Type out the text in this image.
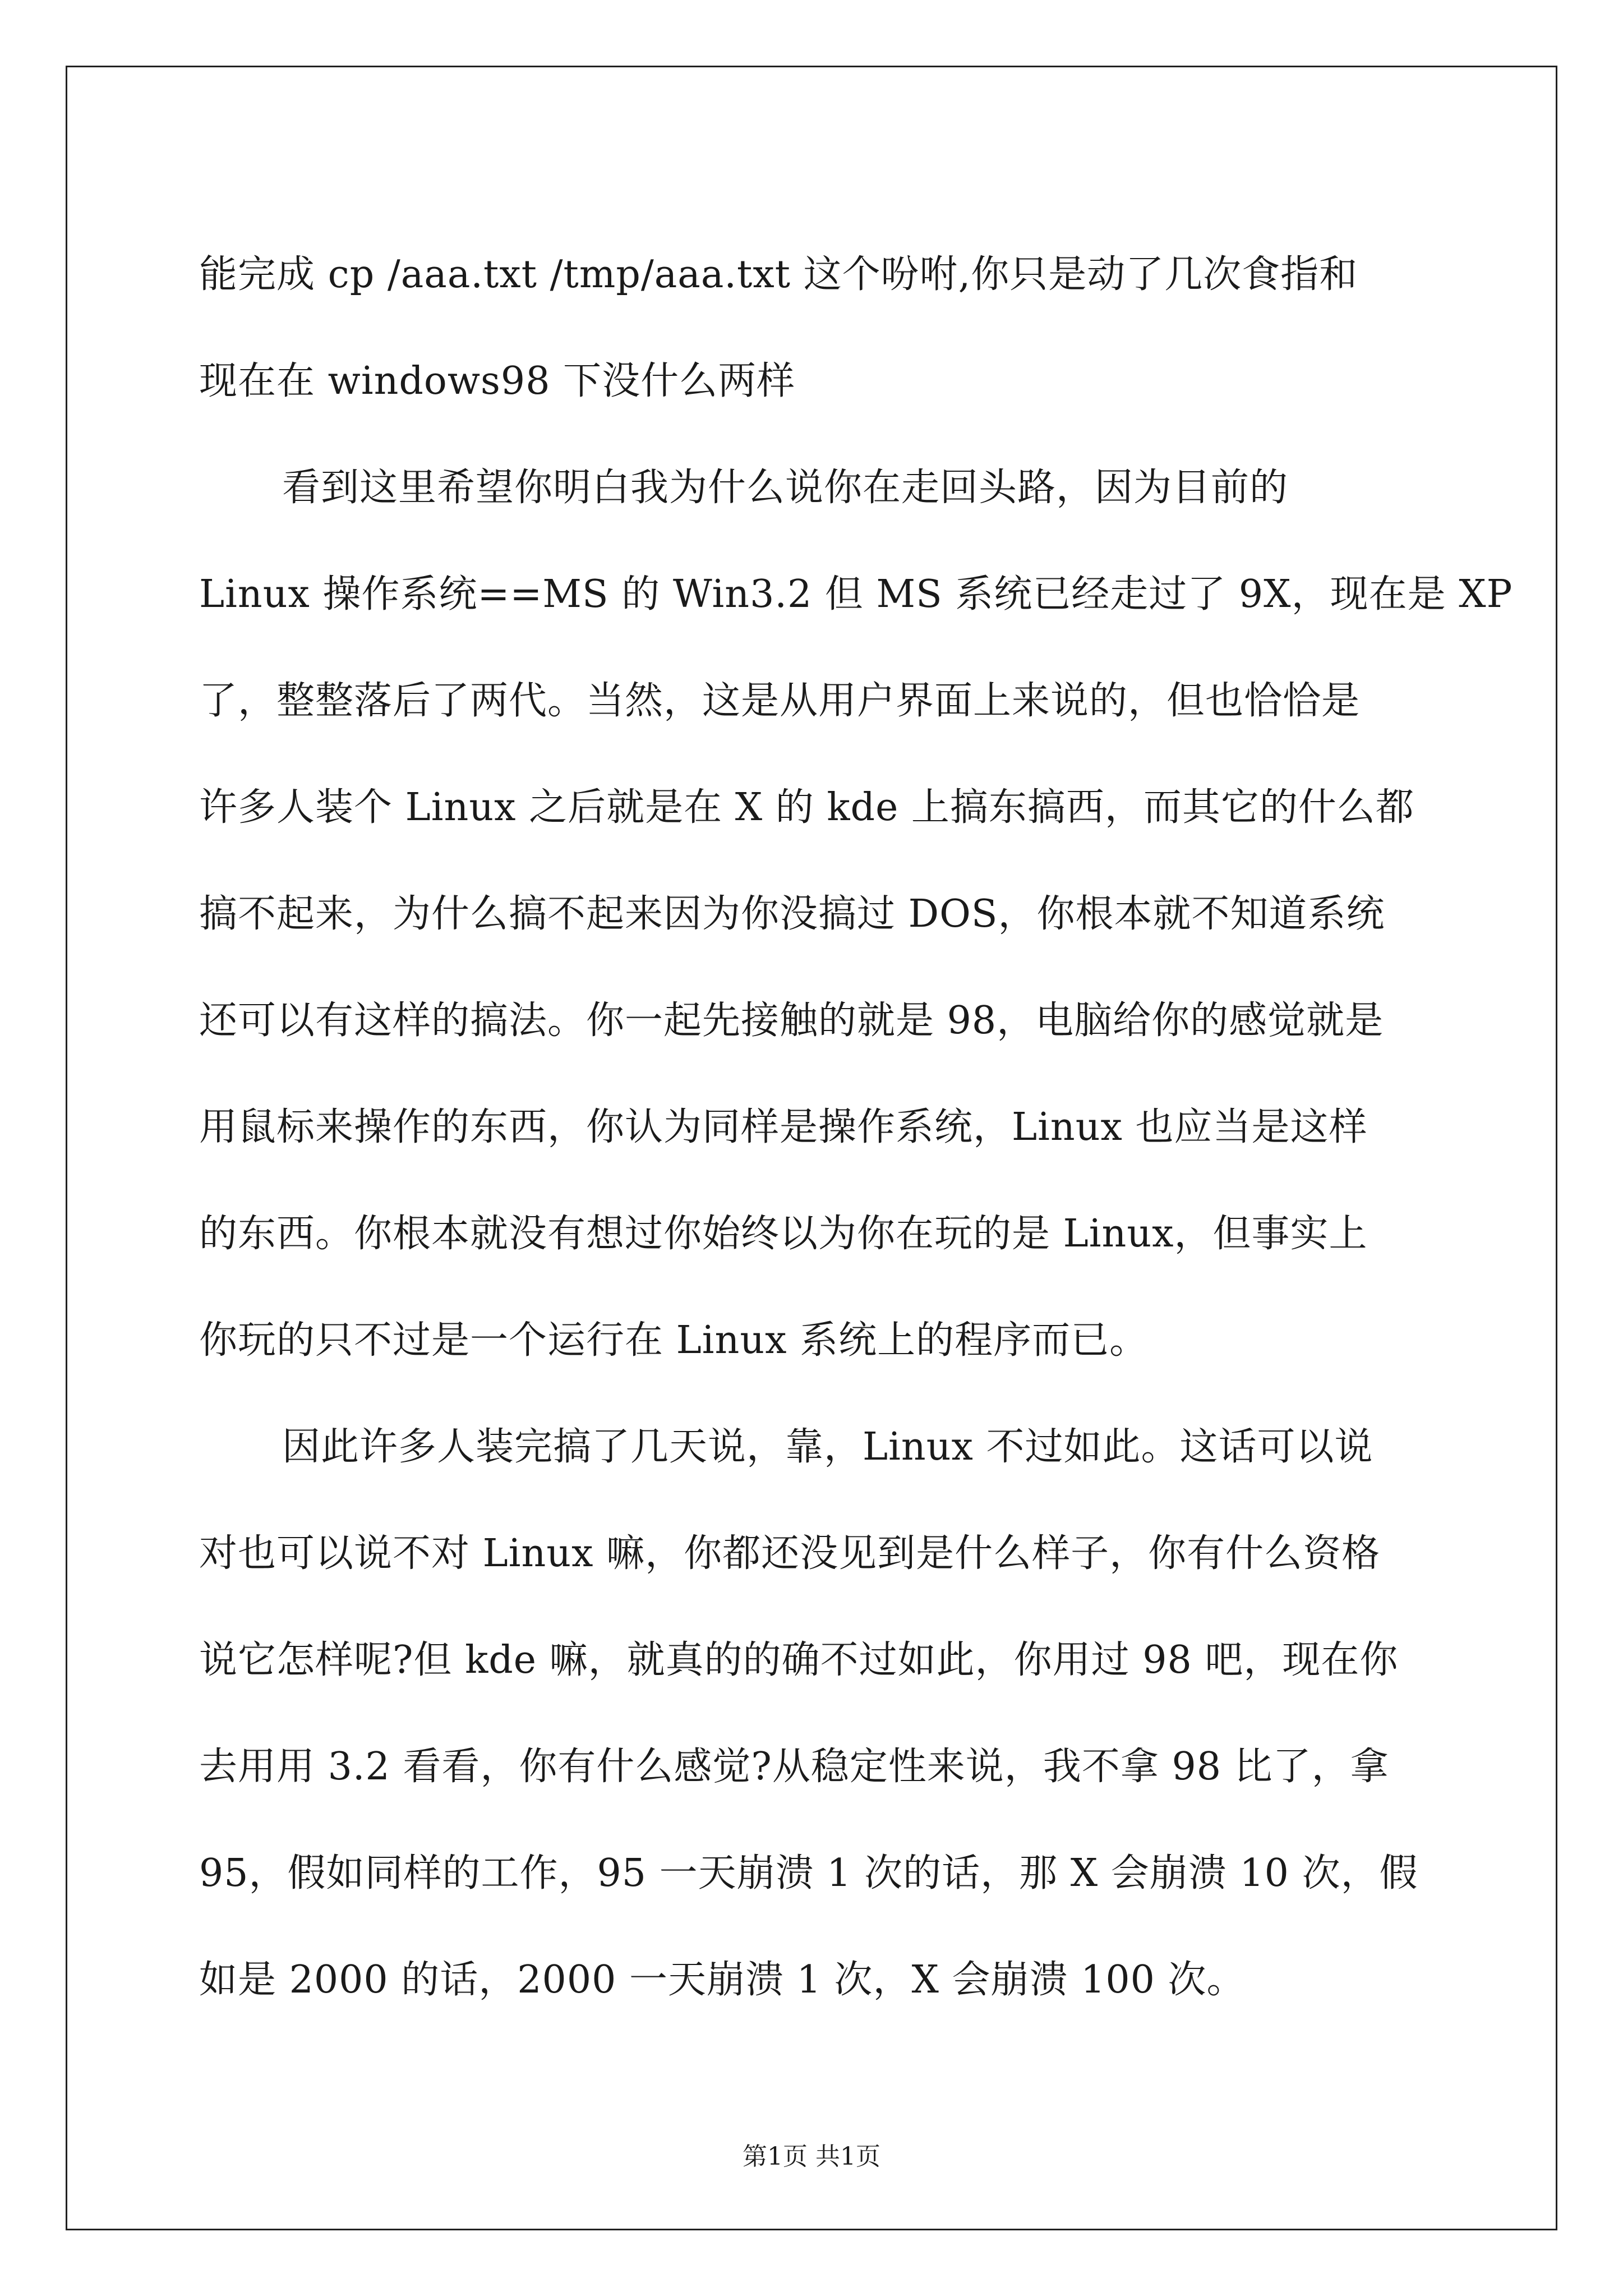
能完成 cp /aaa.txt /tmp/aaa.txt 这个吩咐,你只是动了几次食指和
现在在 windows98 下没什么两样
看到这里希望你明白我为什么说你在走回头路，因为目前的
Linux 操作系统==MS 的 Win3.2 但 MS 系统已经走过了 9X，现在是 XP
了，整整落后了两代。当然，这是从用户界面上来说的，但也恰恰是
许多人装个 Linux 之后就是在 X 的 kde 上搞东搞西，而其它的什么都
搞不起来，为什么搞不起来因为你没搞过 DOS，你根本就不知道系统
还可以有这样的搞法。你一起先接触的就是 98，电脑给你的感觉就是
用鼠标来操作的东西，你认为同样是操作系统，Linux 也应当是这样
的东西。你根本就没有想过你始终以为你在玩的是 Linux，但事实上
你玩的只不过是一个运行在 Linux 系统上的程序而已。
因此许多人装完搞了几天说，靠，Linux 不过如此。这话可以说
对也可以说不对 Linux 嘛，你都还没见到是什么样子，你有什么资格
说它怎样呢?但 kde 嘛，就真的的确不过如此，你用过 98 吧，现在你
去用用 3.2 看看，你有什么感觉?从稳定性来说，我不拿 98 比了，拿
95，假如同样的工作，95 一天崩溃 1 次的话，那 X 会崩溃 10 次，假
如是 2000 的话，2000 一天崩溃 1 次，X 会崩溃 100 次。
第1页 共1页
